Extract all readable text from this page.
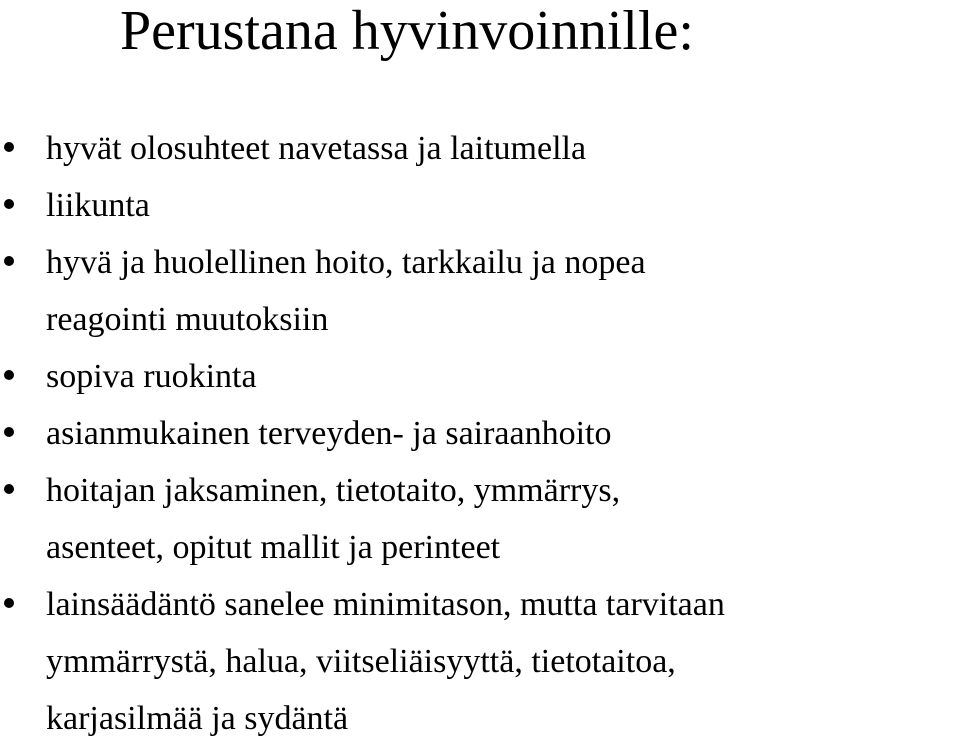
Perustana hyvinvoinnille:
hyvät olosuhteet navetassa ja laitumella
liikunta
hyvä ja huolellinen hoito, tarkkailu ja nopea
reagointi muutoksiin
sopiva ruokinta
asianmukainen terveyden- ja sairaanhoito
hoitajan jaksaminen, tietotaito, ymmärrys,
asenteet, opitut mallit ja perinteet
lainsäädäntö sanelee minimitason, mutta tarvitaan
ymmärrystä, halua, viitseliäisyyttä, tietotaitoa,
karjasilmää ja sydäntä
